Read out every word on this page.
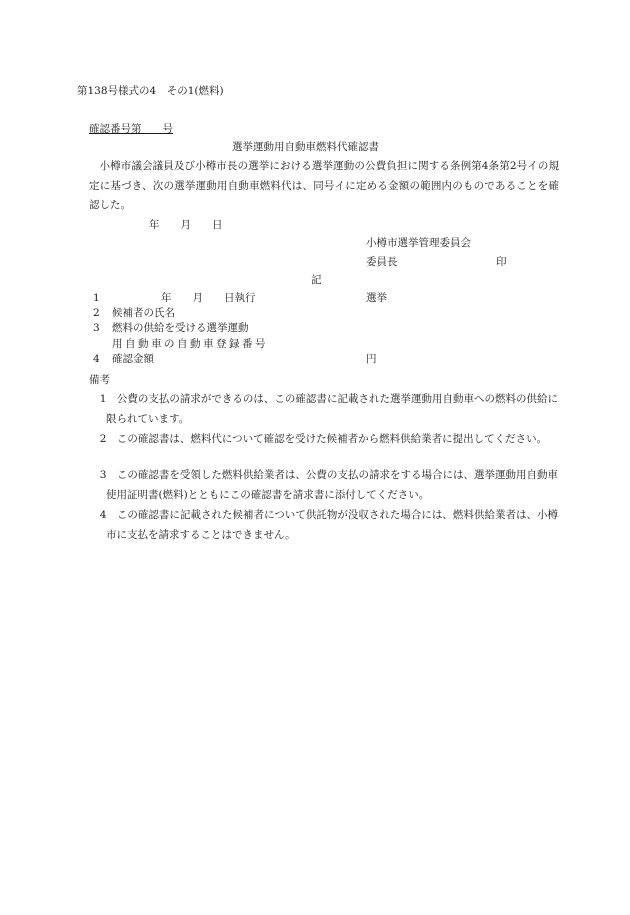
第138号様式の4　その1(燃料)
確認番号第　　号
選挙運動用自動車燃料代確認書
小樽市議会議員及び小樽市長の選挙における選挙運動の公費負担に関する条例第4条第2号イの規定に基づき、次の選挙運動用自動車燃料代は、同号イに定める金額の範囲内のものであることを確認した。
年　　月　　日
小樽市選挙管理委員会
委員長	印
記
1	年　　月　　日執行	選挙
2 候補者の氏名
3 燃料の供給を受ける選挙運動
用自動車の自動車登録番号
4 確認金額	円
備考
1　公費の支払の請求ができるのは、この確認書に記載された選挙運動用自動車への燃料の供給に限られています。
2　この確認書は、燃料代について確認を受けた候補者から燃料供給業者に提出してください。
3　この確認書を受領した燃料供給業者は、公費の支払の請求をする場合には、選挙運動用自動車使用証明書(燃料)とともにこの確認書を請求書に添付してください。
4　この確認書に記載された候補者について供託物が没収された場合には、燃料供給業者は、小樽市に支払を請求することはできません。
